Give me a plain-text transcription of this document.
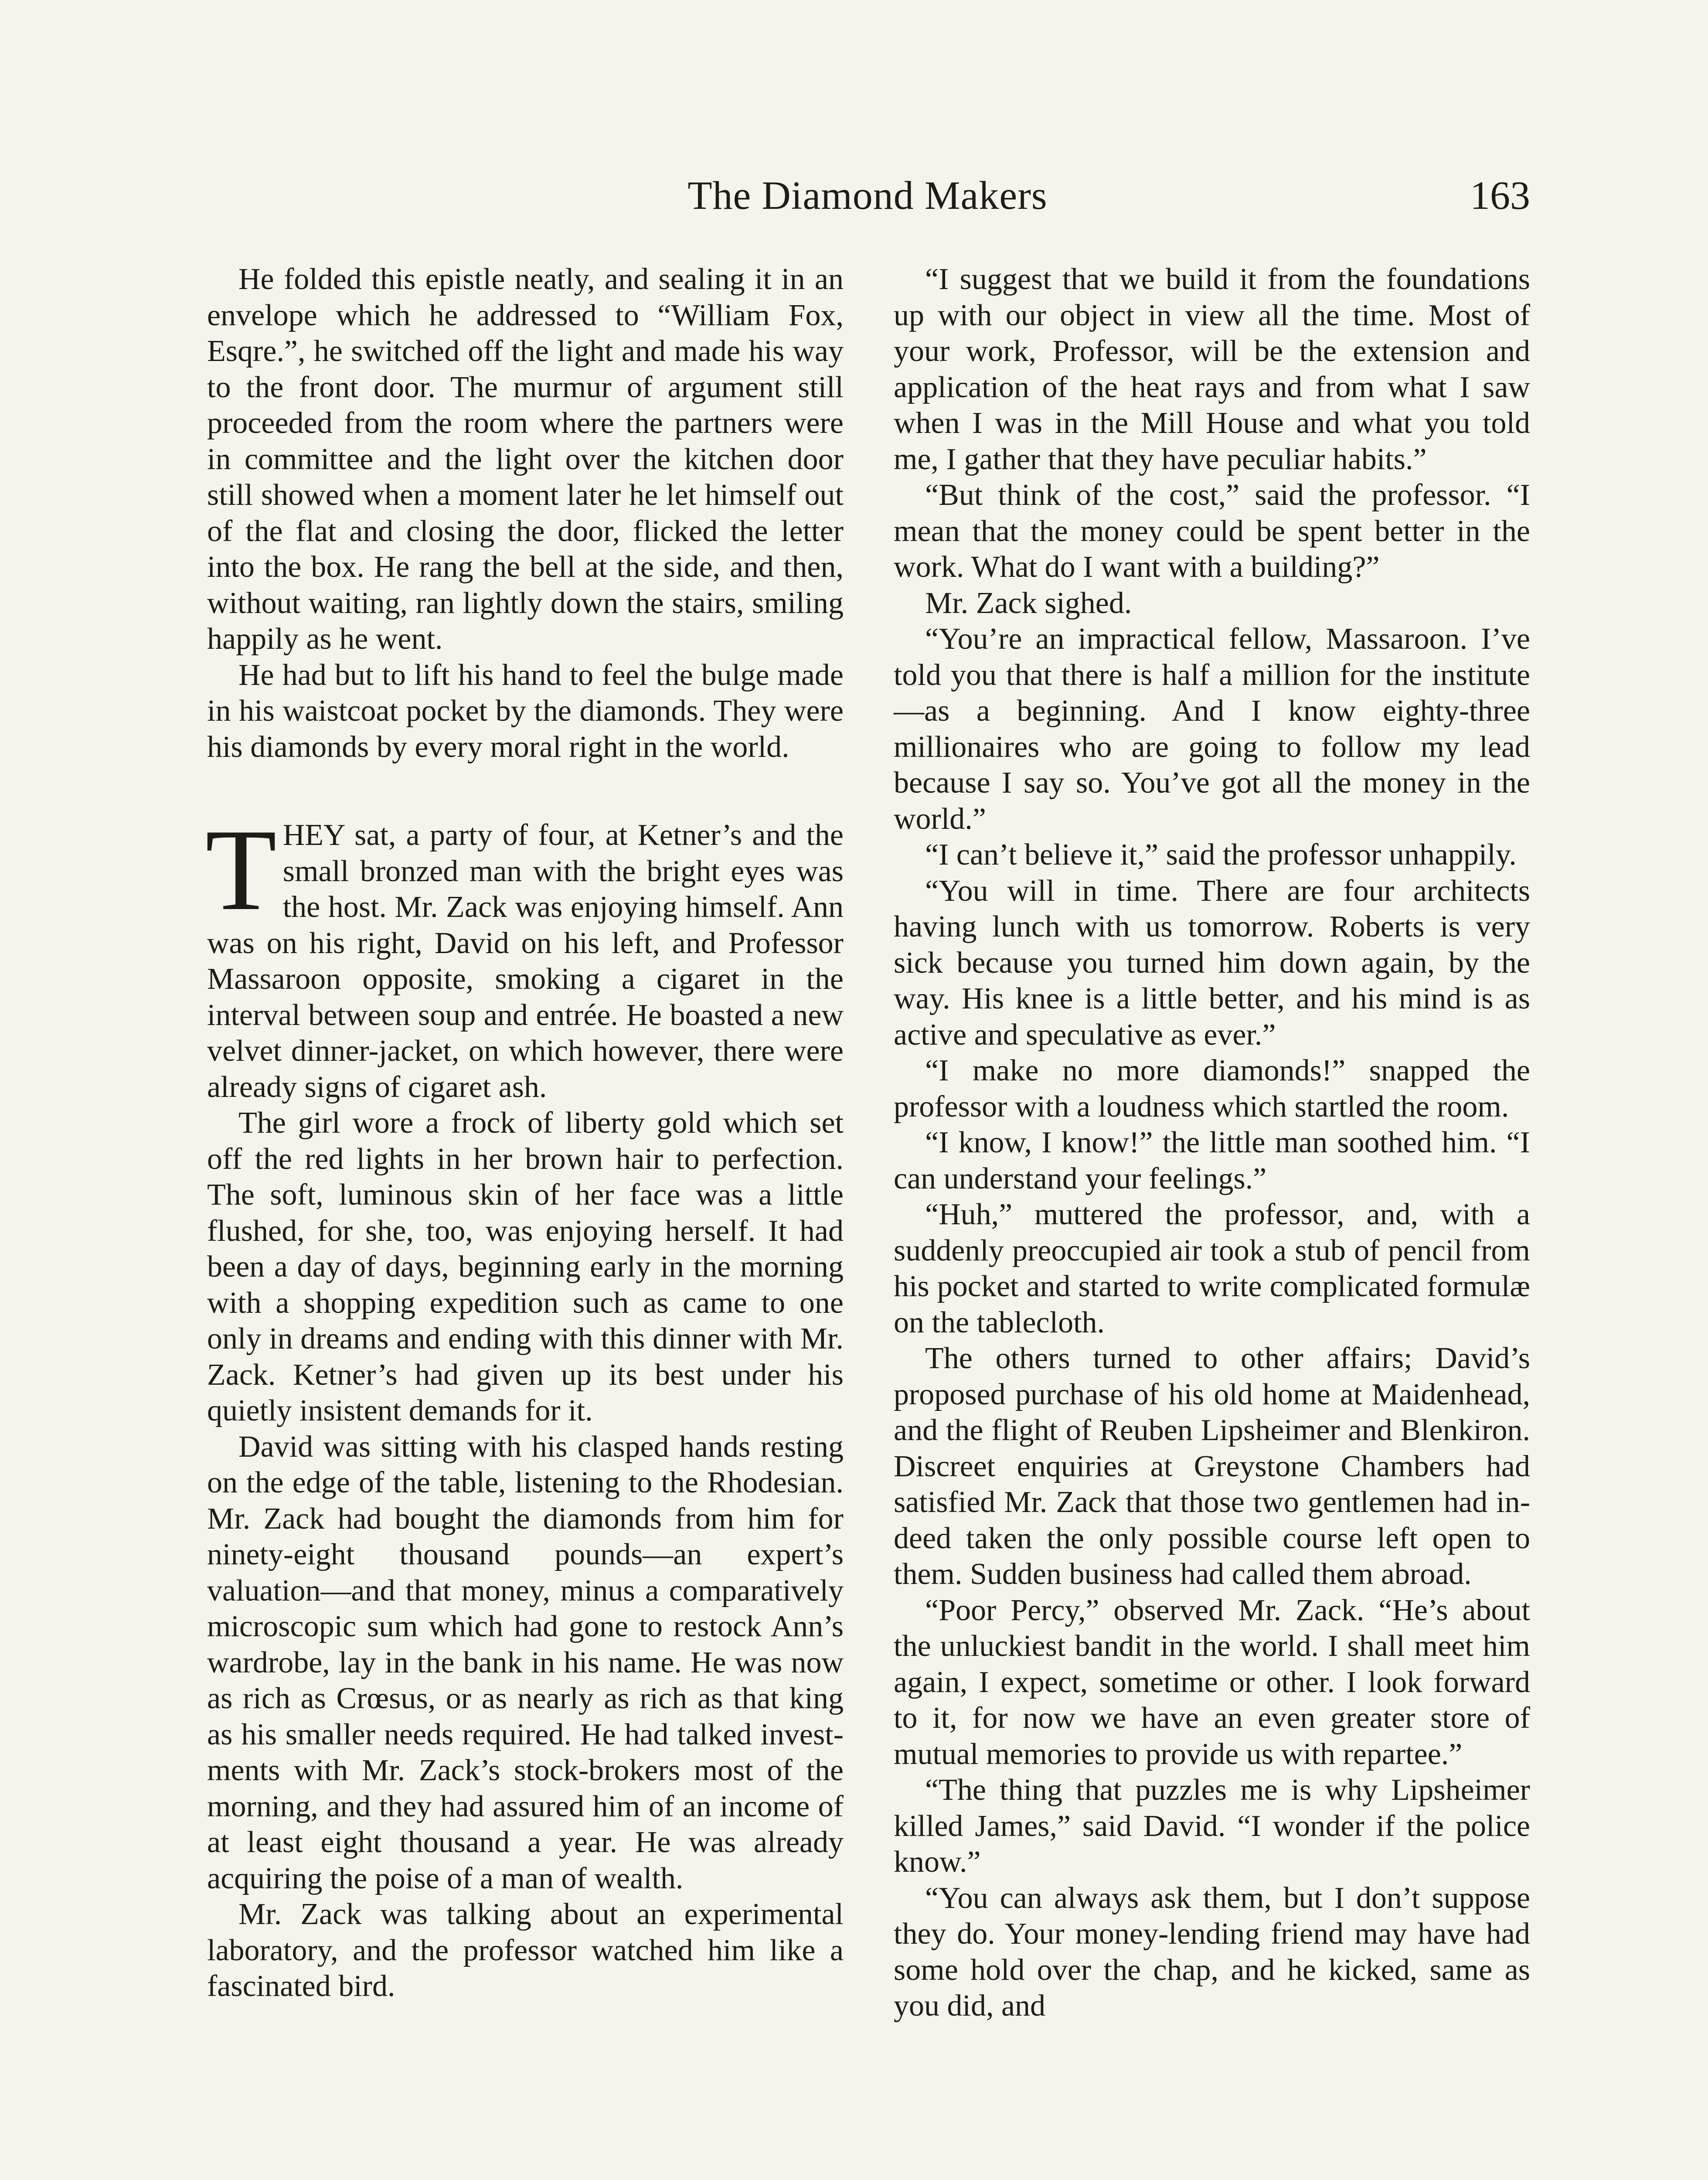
The Diamond Makers	163

He folded this epistle neatly, and sealing it in an envelope which he addressed to “William Fox, Esqre.”, he switched off the light and made his way to the front door. The murmur of argument still proceeded from the room where the partners were in committee and the light over the kitchen door still showed when a moment later he let himself out of the flat and closing the door, flicked the letter into the box. He rang the bell at the side, and then, without waiting, ran lightly down the stairs, smiling happily as he went.

He had but to lift his hand to feel the bulge made in his waistcoat pocket by the diamonds. They were his diamonds by every moral right in the world.

THEY sat, a party of four, at Ketner’s and the small bronzed man with the bright eyes was the host. Mr. Zack was enjoying himself. Ann was on his right, David on his left, and Professor Massaroon opposite, smoking a cigaret in the interval between soup and entrée. He boasted a new velvet dinner-jacket, on which however, there were already signs of cigaret ash.

The girl wore a frock of liberty gold which set off the red lights in her brown hair to perfection. The soft, luminous skin of her face was a little flushed, for she, too, was enjoying herself. It had been a day of days, beginning early in the morning with a shopping expedition such as came to one only in dreams and ending with this dinner with Mr. Zack. Ketner’s had given up its best under his quietly insistent demands for it.

David was sitting with his clasped hands resting on the edge of the table, listening to the Rhodesian. Mr. Zack had bought the diamonds from him for ninety-eight thousand pounds—an expert’s valuation—and that money, minus a comparatively microscopic sum which had gone to restock Ann’s wardrobe, lay in the bank in his name. He was now as rich as Crœsus, or as nearly as rich as that king as his smaller needs required. He had talked investments with Mr. Zack’s stock-brokers most of the morning, and they had assured him of an income of at least eight thousand a year. He was already acquiring the poise of a man of wealth.

Mr. Zack was talking about an experimental laboratory, and the professor watched him like a fascinated bird.

“I suggest that we build it from the foundations up with our object in view all the time. Most of your work, Professor, will be the extension and application of the heat rays and from what I saw when I was in the Mill House and what you told me, I gather that they have peculiar habits.”

“But think of the cost,” said the professor. “I mean that the money could be spent better in the work. What do I want with a building?”

Mr. Zack sighed.

“You’re an impractical fellow, Massaroon. I’ve told you that there is half a million for the institute—as a beginning. And I know eighty-three millionaires who are going to follow my lead because I say so. You’ve got all the money in the world.”

“I can’t believe it,” said the professor unhappily.

“You will in time. There are four architects having lunch with us tomorrow. Roberts is very sick because you turned him down again, by the way. His knee is a little better, and his mind is as active and speculative as ever.”

“I make no more diamonds!” snapped the professor with a loudness which startled the room.

“I know, I know!” the little man soothed him. “I can understand your feelings.”

“Huh,” muttered the professor, and, with a suddenly preoccupied air took a stub of pencil from his pocket and started to write complicated formulæ on the tablecloth.

The others turned to other affairs; David’s proposed purchase of his old home at Maidenhead, and the flight of Reuben Lipsheimer and Blenkiron. Discreet enquiries at Greystone Chambers had satisfied Mr. Zack that those two gentlemen had indeed taken the only possible course left open to them. Sudden business had called them abroad.

“Poor Percy,” observed Mr. Zack. “He’s about the unluckiest bandit in the world. I shall meet him again, I expect, sometime or other. I look forward to it, for now we have an even greater store of mutual memories to provide us with repartee.”

“The thing that puzzles me is why Lipsheimer killed James,” said David. “I wonder if the police know.”

“You can always ask them, but I don’t suppose they do. Your money-lending friend may have had some hold over the chap, and he kicked, same as you did, and
